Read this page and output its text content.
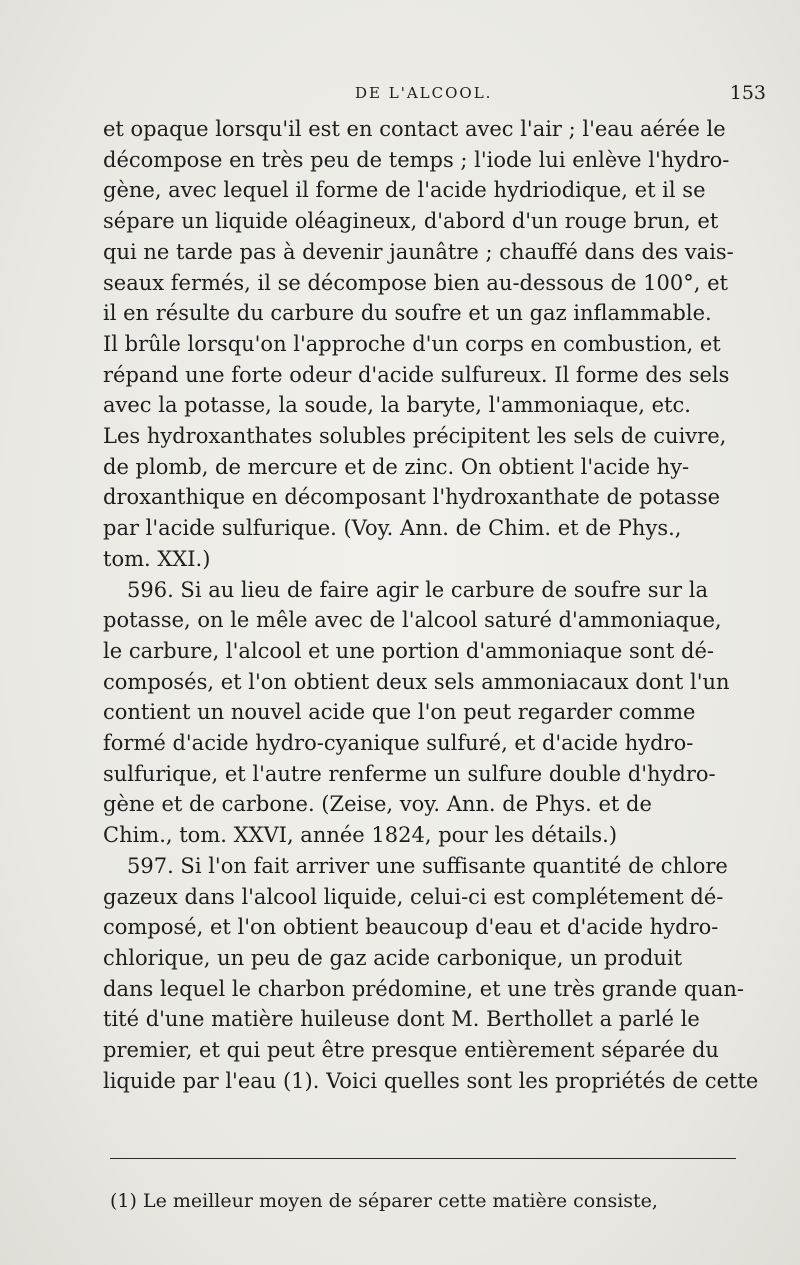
DE L'ALCOOL.	153
et opaque lorsqu'il est en contact avec l'air ; l'eau aérée le
décompose en très peu de temps ; l'iode lui enlève l'hydro-
gène, avec lequel il forme de l'acide hydriodique, et il se
sépare un liquide oléagineux, d'abord d'un rouge brun, et
qui ne tarde pas à devenir jaunâtre ; chauffé dans des vais-
seaux fermés, il se décompose bien au-dessous de 100°, et
il en résulte du carbure du soufre et un gaz inflammable.
Il brûle lorsqu'on l'approche d'un corps en combustion, et
répand une forte odeur d'acide sulfureux. Il forme des sels
avec la potasse, la soude, la baryte, l'ammoniaque, etc.
Les hydroxanthates solubles précipitent les sels de cuivre,
de plomb, de mercure et de zinc. On obtient l'acide hy-
droxanthique en décomposant l'hydroxanthate de potasse
par l'acide sulfurique. (Voy. Ann. de Chim. et de Phys.,
tom. XXI.)
596. Si au lieu de faire agir le carbure de soufre sur la
potasse, on le mêle avec de l'alcool saturé d'ammoniaque,
le carbure, l'alcool et une portion d'ammoniaque sont dé-
composés, et l'on obtient deux sels ammoniacaux dont l'un
contient un nouvel acide que l'on peut regarder comme
formé d'acide hydro-cyanique sulfuré, et d'acide hydro-
sulfurique, et l'autre renferme un sulfure double d'hydro-
gène et de carbone. (Zeise, voy. Ann. de Phys. et de
Chim., tom. XXVI, année 1824, pour les détails.)
597. Si l'on fait arriver une suffisante quantité de chlore
gazeux dans l'alcool liquide, celui-ci est complétement dé-
composé, et l'on obtient beaucoup d'eau et d'acide hydro-
chlorique, un peu de gaz acide carbonique, un produit
dans lequel le charbon prédomine, et une très grande quan-
tité d'une matière huileuse dont M. Berthollet a parlé le
premier, et qui peut être presque entièrement séparée du
liquide par l'eau (1). Voici quelles sont les propriétés de cette
(1) Le meilleur moyen de séparer cette matière consiste,
